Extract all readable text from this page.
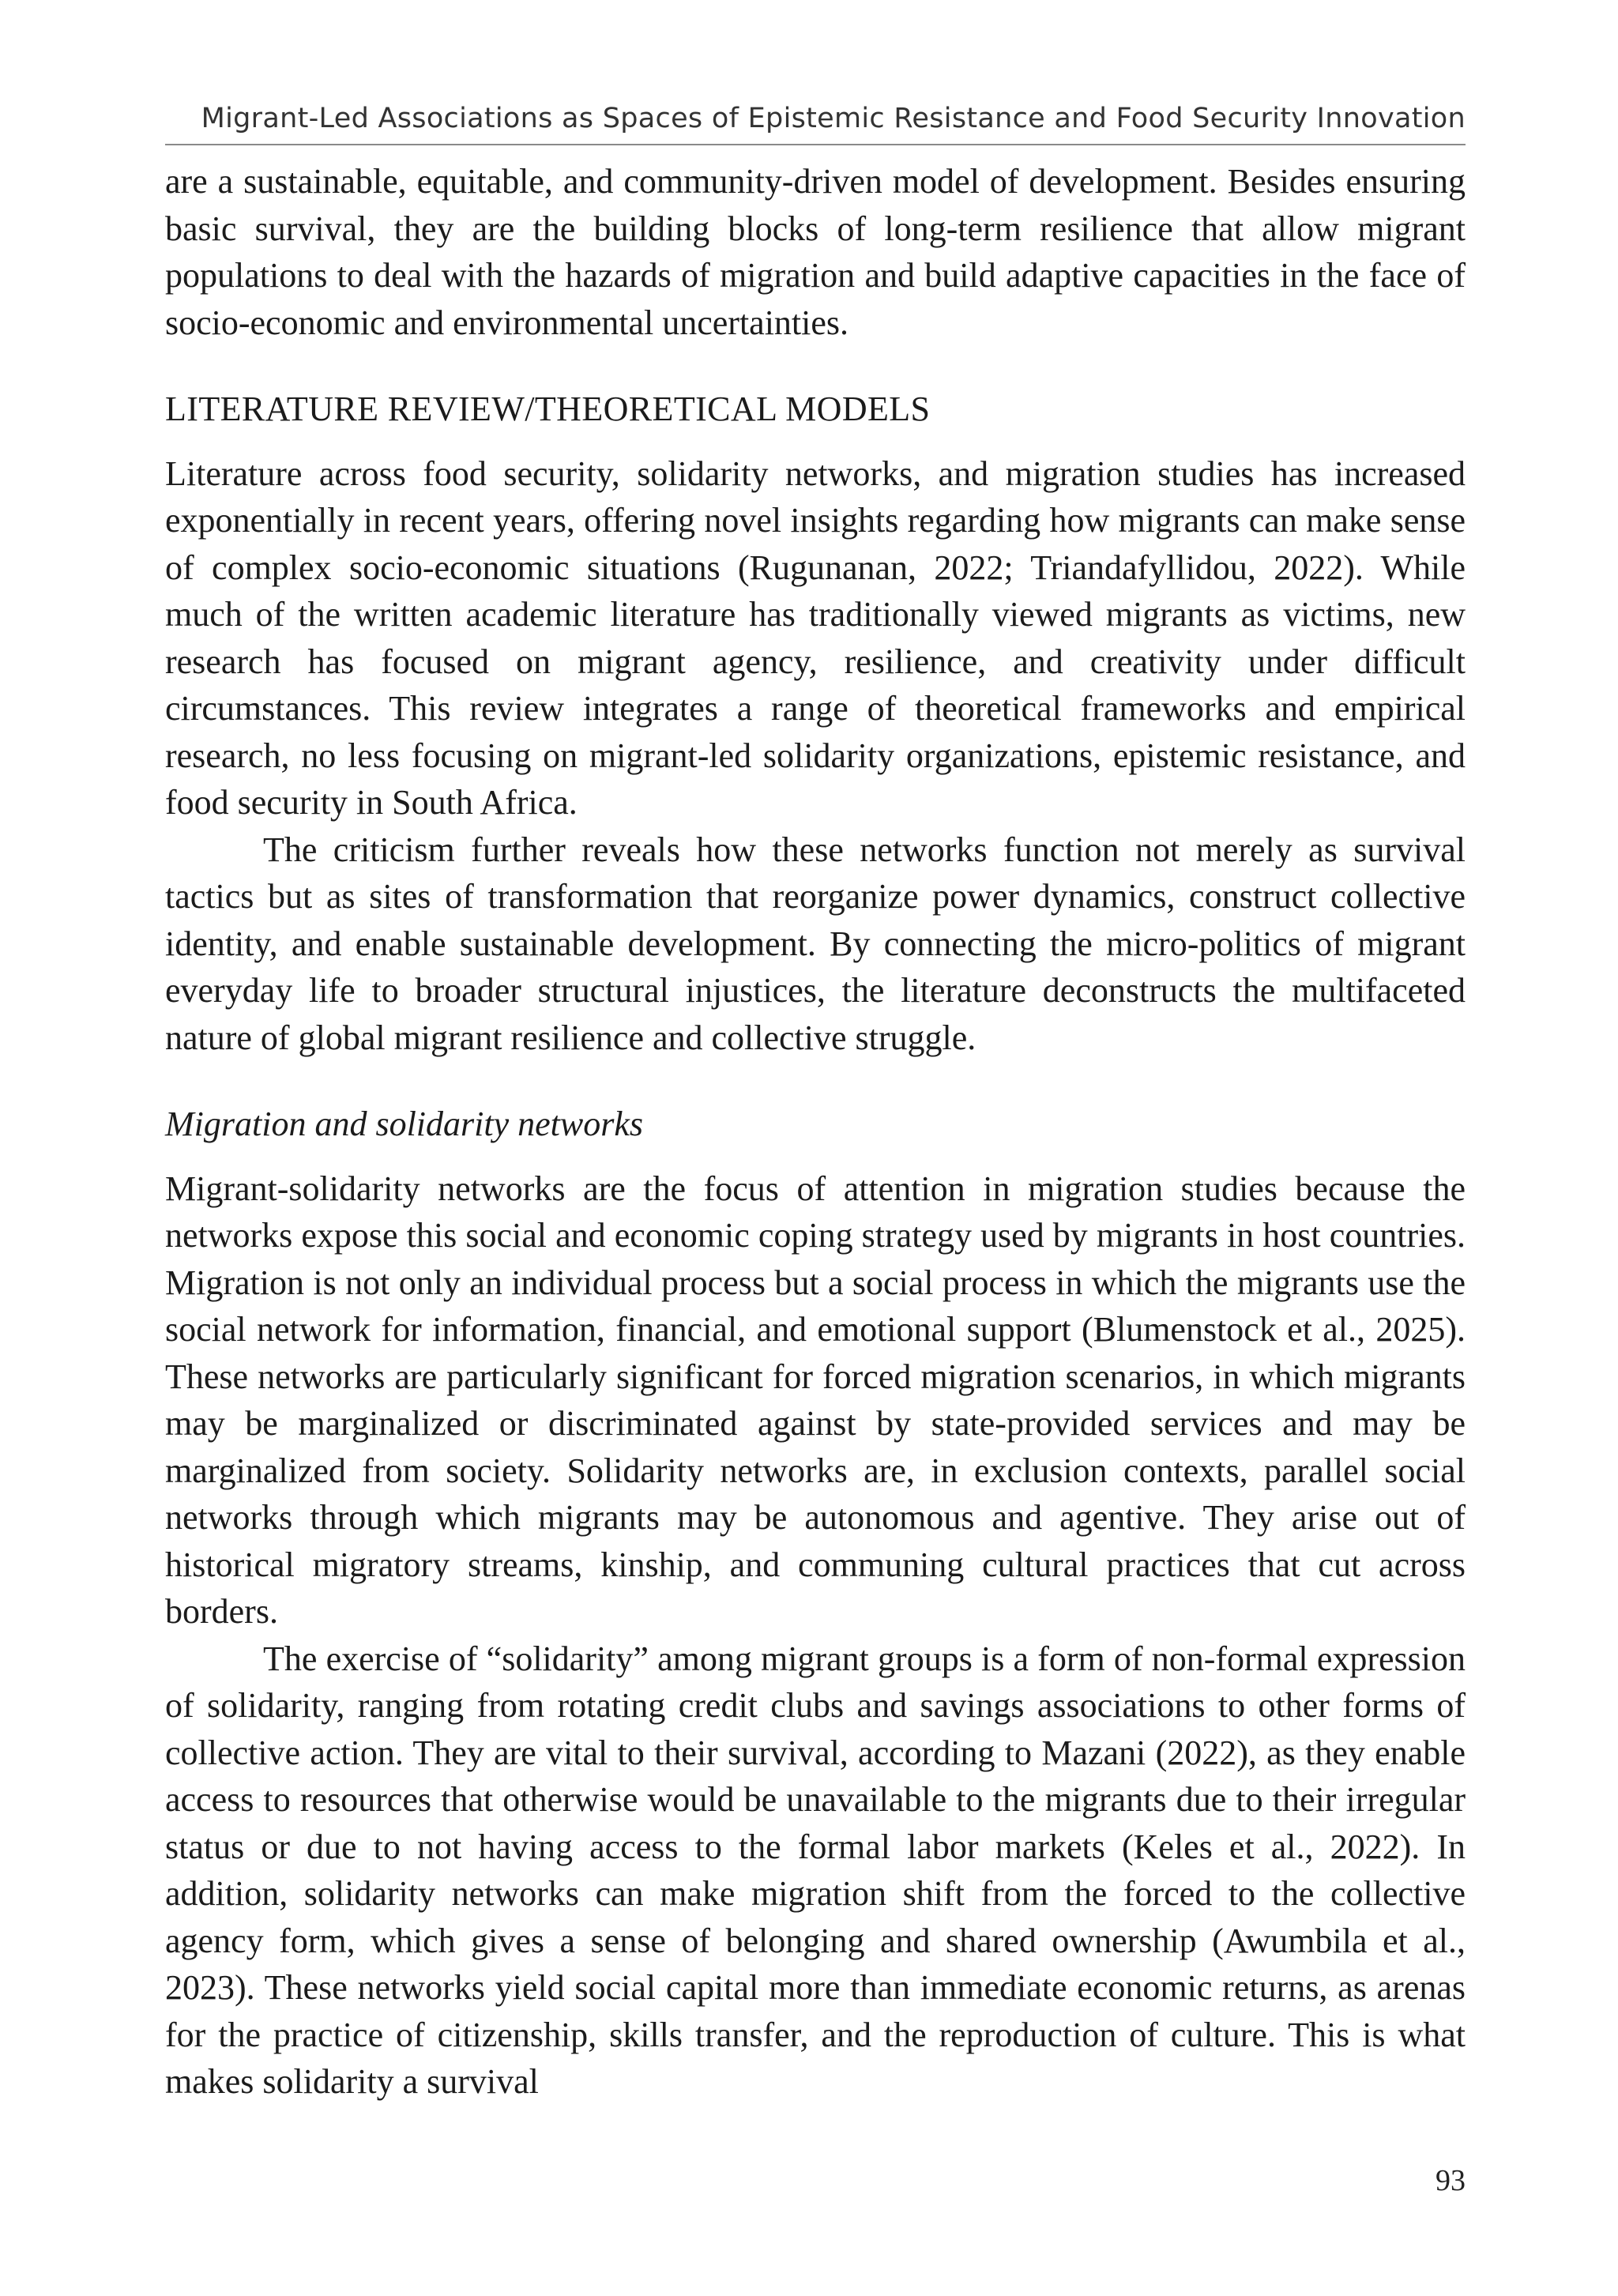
Migrant-Led Associations as Spaces of Epistemic Resistance and Food Security Innovation

are a sustainable, equitable, and community-driven model of development. Besides ensuring basic survival, they are the building blocks of long-term resilience that allow migrant populations to deal with the hazards of migration and build adaptive capacities in the face of socio-economic and environmental uncertainties.

LITERATURE REVIEW/THEORETICAL MODELS

Literature across food security, solidarity networks, and migration studies has increased exponentially in recent years, offering novel insights regarding how migrants can make sense of complex socio-economic situations (Rugunanan, 2022; Triandafyllidou, 2022). While much of the written academic literature has traditionally viewed migrants as victims, new research has focused on migrant agency, resilience, and creativity under difficult circumstances. This review integrates a range of theoretical frameworks and empirical research, no less focusing on migrant-led solidarity organizations, epistemic resistance, and food security in South Africa.

The criticism further reveals how these networks function not merely as survival tactics but as sites of transformation that reorganize power dynamics, construct collective identity, and enable sustainable development. By connecting the micro-politics of migrant everyday life to broader structural injustices, the literature deconstructs the multifaceted nature of global migrant resilience and collective struggle.

Migration and solidarity networks

Migrant-solidarity networks are the focus of attention in migration studies because the networks expose this social and economic coping strategy used by migrants in host countries. Migration is not only an individual process but a social process in which the migrants use the social network for information, financial, and emotional support (Blumenstock et al., 2025). These networks are particularly significant for forced migration scenarios, in which migrants may be marginalized or discriminated against by state-provided services and may be marginalized from society. Solidarity networks are, in exclusion contexts, parallel social networks through which migrants may be autonomous and agentive. They arise out of historical migratory streams, kinship, and communing cultural practices that cut across borders.

The exercise of “solidarity” among migrant groups is a form of non-formal expression of solidarity, ranging from rotating credit clubs and savings associations to other forms of collective action. They are vital to their survival, according to Mazani (2022), as they enable access to resources that otherwise would be unavailable to the migrants due to their irregular status or due to not having access to the formal labor markets (Keles et al., 2022). In addition, solidarity networks can make migration shift from the forced to the collective agency form, which gives a sense of belonging and shared ownership (Awumbila et al., 2023). These networks yield social capital more than immediate economic returns, as arenas for the practice of citizenship, skills transfer, and the reproduction of culture. This is what makes solidarity a survival

93
